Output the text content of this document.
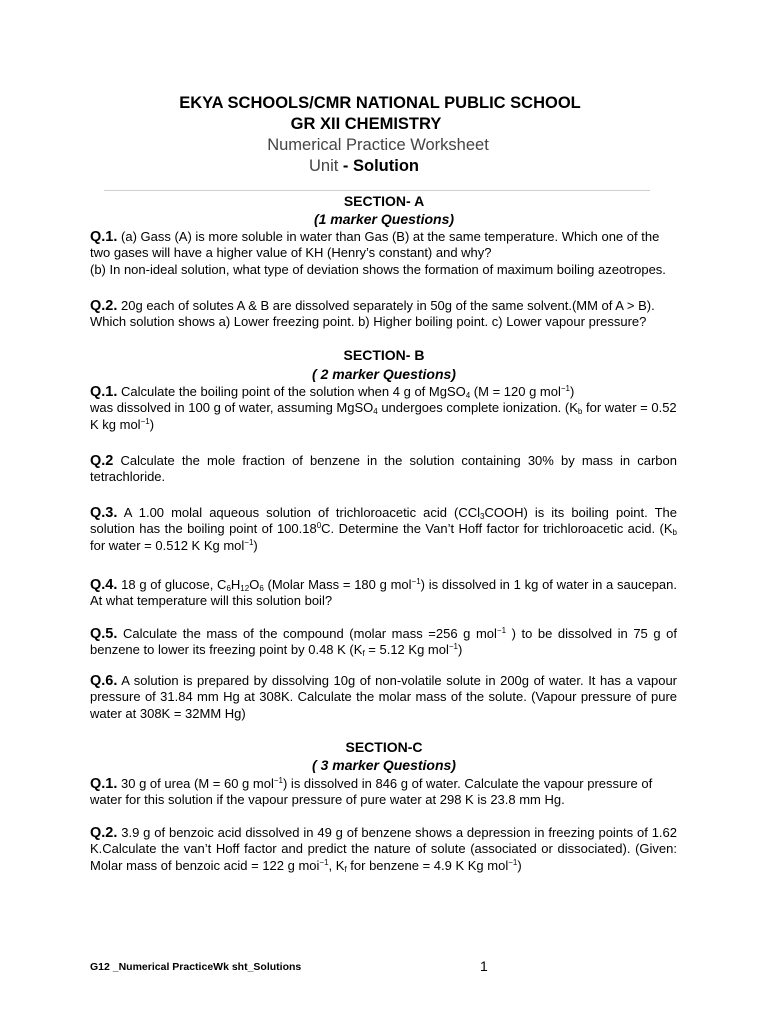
EKYA SCHOOLS/CMR NATIONAL PUBLIC SCHOOL
GR XII CHEMISTRY
Numerical Practice Worksheet
Unit - Solution
SECTION- A
(1 marker Questions)
Q.1. (a) Gass (A) is more soluble in water than Gas (B) at the same temperature. Which one of the two gases will have a higher value of KH (Henry’s constant) and why?
(b) In non-ideal solution, what type of deviation shows the formation of maximum boiling azeotropes.
Q.2. 20g each of solutes A & B are dissolved separately in 50g of the same solvent.(MM of A > B). Which solution shows a) Lower freezing point. b) Higher boiling point. c) Lower vapour pressure?
SECTION- B
( 2 marker Questions)
Q.1. Calculate the boiling point of the solution when 4 g of MgSO$_4$ (M = 120 g mol$^{-1}$)
was dissolved in 100 g of water, assuming MgSO$_4$ undergoes complete ionization. ($K_b$ for water = 0.52 K kg mol$^{-1}$)
Q.2 Calculate the mole fraction of benzene in the solution containing 30% by mass in carbon tetrachloride.
Q.3. A 1.00 molal aqueous solution of trichloroacetic acid (CCl$_3$COOH) is its boiling point. The solution has the boiling point of 100.18$^0$C. Determine the Van’t Hoff factor for trichloroacetic acid. ($K_b$ for water = 0.512 K Kg mol$^{-1}$)
Q.4. 18 g of glucose, $C_6H_{12}O_6$ (Molar Mass = 180 g mol$^{-1}$) is dissolved in 1 kg of water in a saucepan. At what temperature will this solution boil?
Q.5. Calculate the mass of the compound (molar mass =256 g mol$^{-1}$ ) to be dissolved in 75 g of benzene to lower its freezing point by 0.48 K ($K_f = 5.12$ Kg mol$^{-1}$)
Q.6. A solution is prepared by dissolving 10g of non-volatile solute in 200g of water. It has a vapour pressure of 31.84 mm Hg at 308K. Calculate the molar mass of the solute. (Vapour pressure of pure water at 308K = 32MM Hg)
SECTION-C
( 3 marker Questions)
Q.1. 30 g of urea (M = 60 g mol$^{-1}$) is dissolved in 846 g of water. Calculate the vapour pressure of water for this solution if the vapour pressure of pure water at 298 K is 23.8 mm Hg.
Q.2. 3.9 g of benzoic acid dissolved in 49 g of benzene shows a depression in freezing points of 1.62 K.Calculate the van’t Hoff factor and predict the nature of solute (associated or dissociated). (Given: Molar mass of benzoic acid = 122 g moi$^{-1}$, $K_f$ for benzene = 4.9 K Kg mol$^{-1}$)
G12 _Numerical PracticeWk sht_Solutions	1
